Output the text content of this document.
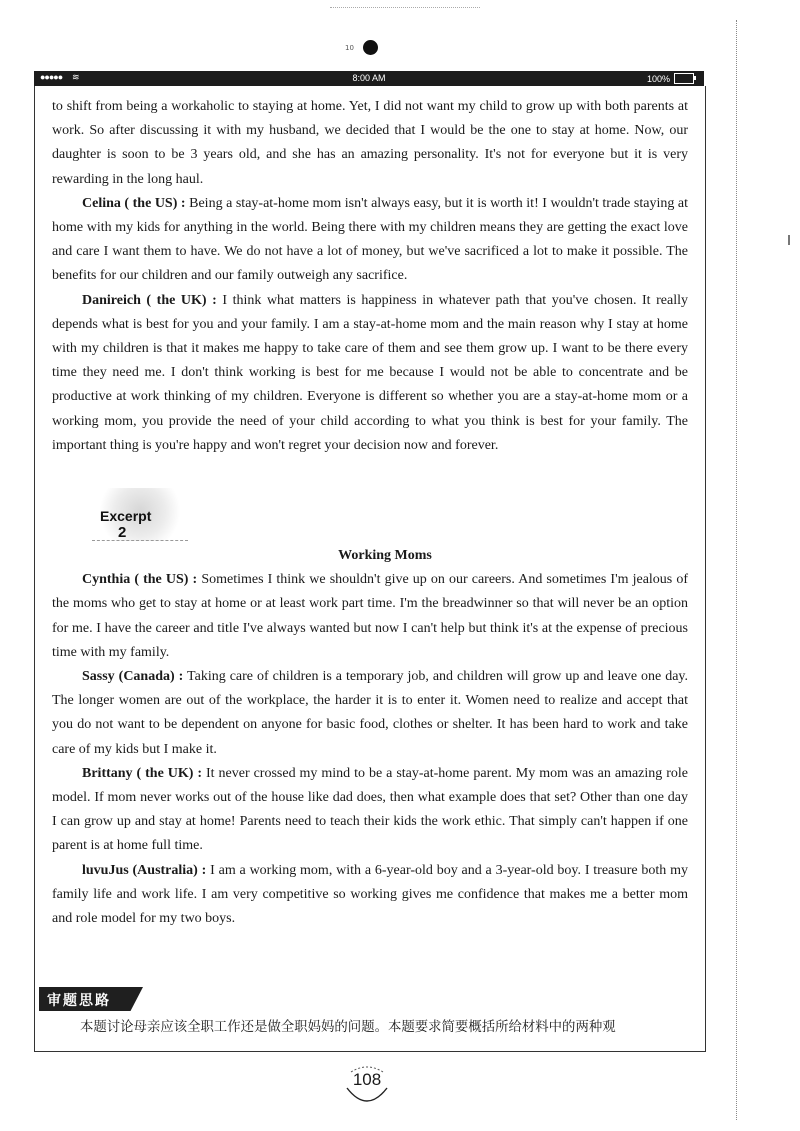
10
●●●●● ≋	8:00 AM	100%

to shift from being a workaholic to staying at home. Yet, I did not want my child to grow up with both parents at work. So after discussing it with my husband, we decided that I would be the one to stay at home. Now, our daughter is soon to be 3 years old, and she has an amazing personality. It's not for everyone but it is very rewarding in the long haul.

Celina ( the US) : Being a stay-at-home mom isn't always easy, but it is worth it! I wouldn't trade staying at home with my kids for anything in the world. Being there with my children means they are getting the exact love and care I want them to have. We do not have a lot of money, but we've sacrificed a lot to make it possible. The benefits for our children and our family outweigh any sacrifice.

Danireich ( the UK) : I think what matters is happiness in whatever path that you've chosen. It really depends what is best for you and your family. I am a stay-at-home mom and the main reason why I stay at home with my children is that it makes me happy to take care of them and see them grow up. I want to be there every time they need me. I don't think working is best for me because I would not be able to concentrate and be productive at work thinking of my children. Everyone is different so whether you are a stay-at-home mom or a working mom, you provide the need of your child according to what you think is best for your family. The important thing is you're happy and won't regret your decision now and forever.

Excerpt
2

Working Moms

Cynthia ( the US) : Sometimes I think we shouldn't give up on our careers. And sometimes I'm jealous of the moms who get to stay at home or at least work part time. I'm the breadwinner so that will never be an option for me. I have the career and title I've always wanted but now I can't help but think it's at the expense of precious time with my family.

Sassy (Canada) : Taking care of children is a temporary job, and children will grow up and leave one day. The longer women are out of the workplace, the harder it is to enter it. Women need to realize and accept that you do not want to be dependent on anyone for basic food, clothes or shelter. It has been hard to work and take care of my kids but I make it.

Brittany ( the UK) : It never crossed my mind to be a stay-at-home parent. My mom was an amazing role model. If mom never works out of the house like dad does, then what example does that set? Other than one day I can grow up and stay at home! Parents need to teach their kids the work ethic. That simply can't happen if one parent is at home full time.

luvuJus (Australia) : I am a working mom, with a 6-year-old boy and a 3-year-old boy. I treasure both my family life and work life. I am very competitive so working gives me confidence that makes me a better mom and role model for my two boys.

审题思路
本题讨论母亲应该全职工作还是做全职妈妈的问题。本题要求简要概括所给材料中的两种观
108
